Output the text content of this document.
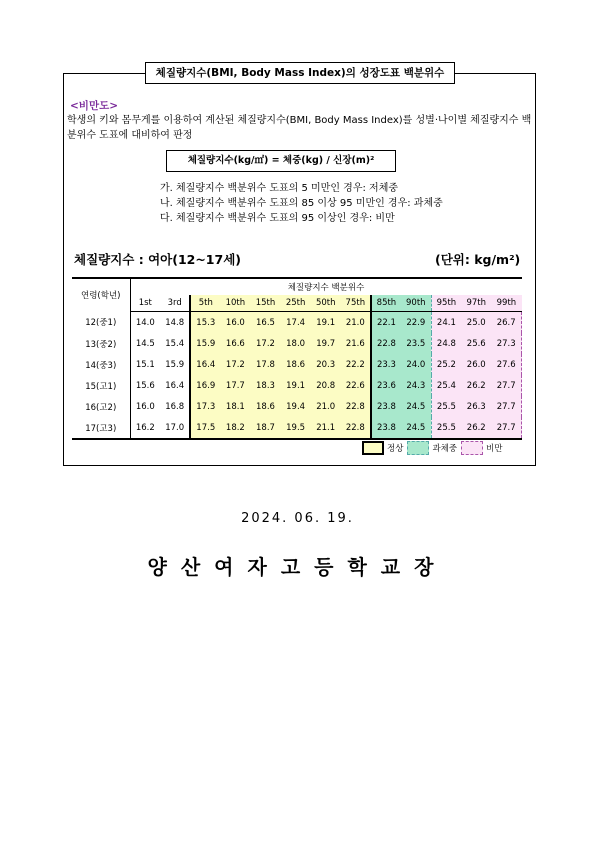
체질량지수(BMI, Body Mass Index)의 성장도표 백분위수
<비만도>
학생의 키와 몸무게를 이용하여 계산된 체질량지수(BMI, Body Mass Index)를 성별·나이별 체질량지수 백분위수 도표에 대비하여 판정
체질량지수(kg/㎡) = 체중(kg) / 신장(m)²
가. 체질량지수 백분위수 도표의 5 미만인 경우: 저체중
나. 체질량지수 백분위수 도표의 85 이상 95 미만인 경우: 과체중
다. 체질량지수 백분위수 도표의 95 이상인 경우: 비만
체질량지수 : 여아(12~17세)	(단위: kg/m²)
연령(학년)	체질량지수 백분위수												
	1st	3rd	5th	10th	15th	25th	50th	75th	85th	90th	95th	97th	99th
12(중1)	14.0	14.8	15.3	16.0	16.5	17.4	19.1	21.0	22.1	22.9	24.1	25.0	26.7
13(중2)	14.5	15.4	15.9	16.6	17.2	18.0	19.7	21.6	22.8	23.5	24.8	25.6	27.3
14(중3)	15.1	15.9	16.4	17.2	17.8	18.6	20.3	22.2	23.3	24.0	25.2	26.0	27.6
15(고1)	15.6	16.4	16.9	17.7	18.3	19.1	20.8	22.6	23.6	24.3	25.4	26.2	27.7
16(고2)	16.0	16.8	17.3	18.1	18.6	19.4	21.0	22.8	23.8	24.5	25.5	26.3	27.7
17(고3)	16.2	17.0	17.5	18.2	18.7	19.5	21.1	22.8	23.8	24.5	25.5	26.2	27.7
정상	과체중	비만
2024. 06. 19.
양산여자고등학교장
